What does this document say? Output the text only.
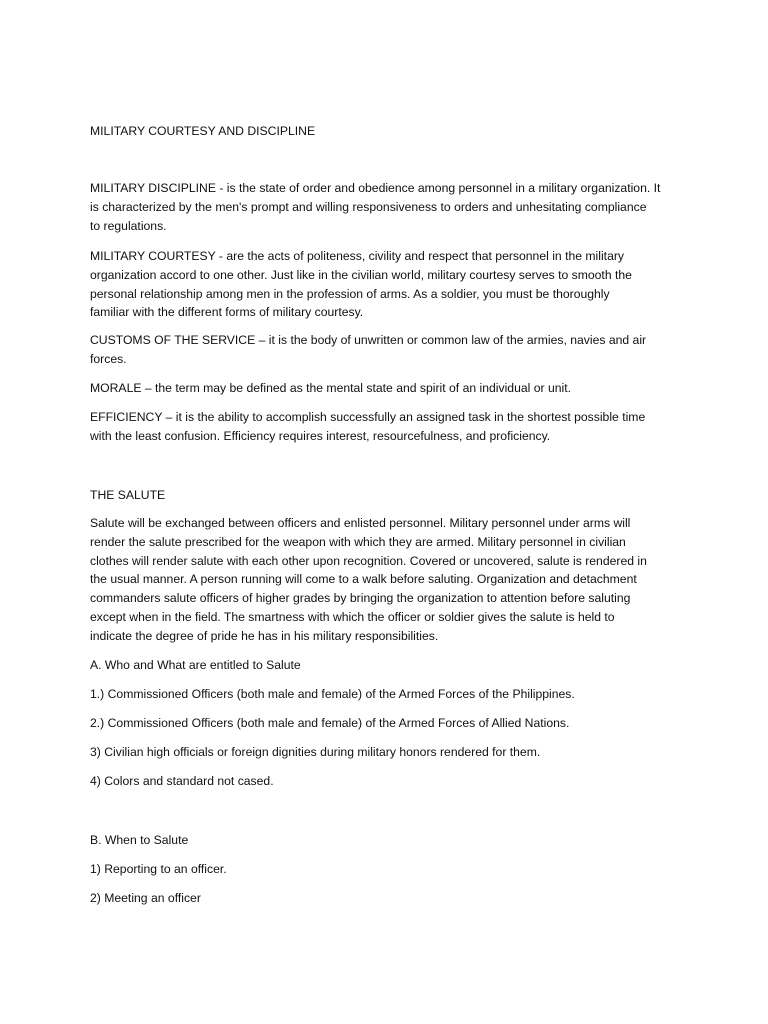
MILITARY COURTESY AND DISCIPLINE

MILITARY DISCIPLINE - is the state of order and obedience among personnel in a military organization. It
is characterized by the men's prompt and willing responsiveness to orders and unhesitating compliance
to regulations.

MILITARY COURTESY - are the acts of politeness, civility and respect that personnel in the military
organization accord to one other. Just like in the civilian world, military courtesy serves to smooth the
personal relationship among men in the profession of arms. As a soldier, you must be thoroughly
familiar with the different forms of military courtesy.

CUSTOMS OF THE SERVICE – it is the body of unwritten or common law of the armies, navies and air
forces.

MORALE – the term may be defined as the mental state and spirit of an individual or unit.

EFFICIENCY – it is the ability to accomplish successfully an assigned task in the shortest possible time
with the least confusion. Efficiency requires interest, resourcefulness, and proficiency.

THE SALUTE

Salute will be exchanged between officers and enlisted personnel. Military personnel under arms will
render the salute prescribed for the weapon with which they are armed. Military personnel in civilian
clothes will render salute with each other upon recognition. Covered or uncovered, salute is rendered in
the usual manner. A person running will come to a walk before saluting. Organization and detachment
commanders salute officers of higher grades by bringing the organization to attention before saluting
except when in the field. The smartness with which the officer or soldier gives the salute is held to
indicate the degree of pride he has in his military responsibilities.

A. Who and What are entitled to Salute

1.) Commissioned Officers (both male and female) of the Armed Forces of the Philippines.

2.) Commissioned Officers (both male and female) of the Armed Forces of Allied Nations.

3) Civilian high officials or foreign dignities during military honors rendered for them.

4) Colors and standard not cased.

B. When to Salute

1) Reporting to an officer.

2) Meeting an officer
